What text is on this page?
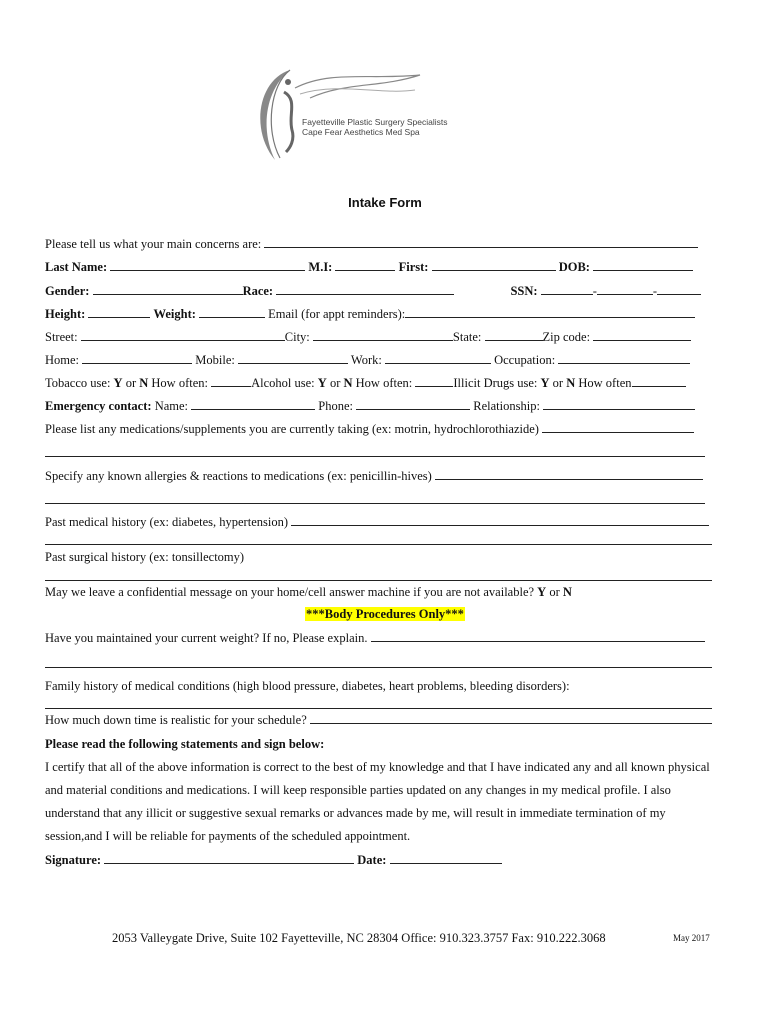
Fayetteville Plastic Surgery Specialists
Cape Fear Aesthetics Med Spa
Intake Form
Please tell us what your main concerns are:
Last Name:	M.I:	First:	DOB:
Gender:	Race:	SSN:	-	-
Height:	Weight:	Email (for appt reminders):
Street:	City:	State:	Zip code:
Home:	Mobile:	Work:	Occupation:
Tobacco use: Y or N How often:	Alcohol use: Y or N How often:	Illicit Drugs use: Y or N How often
Emergency contact: Name:	Phone:	Relationship:
Please list any medications/supplements you are currently taking (ex: motrin, hydrochlorothiazide)
Specify any known allergies & reactions to medications (ex: penicillin-hives)
Past medical history (ex: diabetes, hypertension)
Past surgical history (ex: tonsillectomy)
May we leave a confidential message on your home/cell answer machine if you are not available? Y or N
***Body Procedures Only***
Have you maintained your current weight? If no, Please explain.
Family history of medical conditions (high blood pressure, diabetes, heart problems, bleeding disorders):
How much down time is realistic for your schedule?
Please read the following statements and sign below:
I certify that all of the above information is correct to the best of my knowledge and that I have indicated any and all known physical and material conditions and medications. I will keep responsible parties updated on any changes in my medical profile. I also understand that any illicit or suggestive sexual remarks or advances made by me, will result in immediate termination of my session,and I will be reliable for payments of the scheduled appointment.
Signature:	Date:
2053 Valleygate Drive, Suite 102 Fayetteville, NC 28304 Office: 910.323.3757 Fax: 910.222.3068	May 2017
